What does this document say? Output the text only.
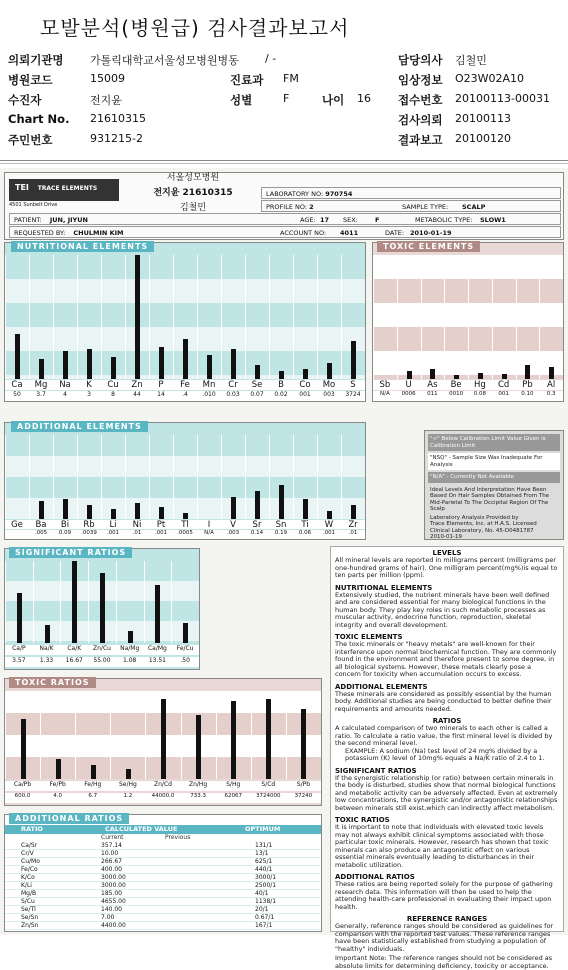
모발분석(병원급) 검사결과보고서
의뢰기관명 가톨릭대학교서울성모병원병동 / -	담당의사 김철민
병원코드	15009	진료과 FM	임상정보 O23W02A10
수진자	전지윤	성별	F	나이 16 접수번호 20100113-00031
Chart No. 21610315	검사의뢰 20100113
주민번호	931215-2	결과보고 20100120
TEI TRACE ELEMENTS
4501 Sunbelt Drive
서울성모병원
전지윤 21610315
김철민
LABORATORY NO: 970754
PROFILE NO: 2	SAMPLE TYPE: SCALP
PATIENT: JUN, JIYUN	AGE: 17 SEX:	F	METABOLIC TYPE: SLOW1
REQUESTED BY: CHULMIN KIM	ACCOUNT NO: 4011	DATE: 2010-01-19
NUTRITIONAL ELEMENTS
Ca	Mg	Na	K	Cu	Zn	P	Fe	Mn	Cr	Se	B	Co	Mo	S
50	3.7	4	3	8	44	14	.4	.010	0.03	0.07	0.02	001	003	3724
TOXIC ELEMENTS
Sb	U	As	Be	Hg	Cd	Pb	Al
N/A	0006	011	0010	0.08	001	0.10	0.3
ADDITIONAL ELEMENTS
Ge	Ba	Bi	Rb	Li	Ni	Pt	Tl	I	V	Sr	Sn	Ti	W	Zr
.005	0.09	.0039	.001	.01	.001	.0005	N/A	.003	0.14	0.19	0.06	.001	.01
"<" Below Calibration Limit Value Given is Calibration Limit
"NSQ" - Sample Size Was Inadequate For Analysis
"N/A" - Currently Not Available
Ideal Levels And Interpretation Have Been Based On Hair Samples Obtained From The Mid-Parietal To The Occipital Region Of The Scalp
Laboratory Analysis Provided by
Trace Elements, Inc. at H.A.S. Licensed Clinical Laboratory, No. 45-D0481787
2010-01-19
SIGNIFICANT RATIOS
Ca/P	Na/K	Ca/K	Zn/Cu	Na/Mg	Ca/Mg	Fe/Cu
3.57	1.33	16.67	55.00	1.08	13.51	.50
TOXIC RATIOS
Ca/Pb	Fe/Pb	Fe/Hg	Se/Hg	Zn/Cd	Zn/Hg	S/Hg	S/Cd	S/Pb
600.0	4.0	6.7	1.2	44000.0	733.3	62067	3724000	37240
ADDITIONAL RATIOS
RATIO	CALCULATED VALUE	OPTIMUM
Current	Previous
Ca/Sr	357.14	131/1
Cr/V	10.00	13/1
Cu/Mo	266.67	625/1
Fe/Co	400.00	440/1
K/Co	3000.00	3000/1
K/Li	3000.00	2500/1
Mg/B	185.00	40/1
S/Cu	4655.00	1138/1
Se/Tl	140.00	20/1
Se/Sn	7.00	0.67/1
Zn/Sn	4400.00	167/1
LEVELS
All mineral levels are reported in milligrams percent (milligrams per one-hundred grams of hair). One milligram percent(mg%)is equal to ten parts per million (ppm).
NUTRITIONAL ELEMENTS
Extensively studied, the nutrient minerals have been well defined and are considered essential for many biological functions in the human body. They play key roles in such metabolic processes as muscular activity, endocrine function, reproduction, skeletal integrity and overall development.
TOXIC ELEMENTS
The toxic minerals or "heavy metals" are well-known for their interference upon normal biochemical function. They are commonly found in the environment and therefore present to some degree, in all biological systems. However, these metals clearly pose a concern for toxicity when accumulation occurs to excess.
ADDITIONAL ELEMENTS
These minerals are considered as possibly essential by the human body. Additional studies are being conducted to better define their requirements and amounts needed.
RATIOS
A calculated comparison of two minerals to each other is called a ratio. To calculate a ratio value, the first mineral level is divided by the second mineral level.
EXAMPLE: A sodium (Na) test level of 24 mg% divided by a potassium (K) level of 10mg% equals a Na/K ratio of 2.4 to 1.
SIGNIFICANT RATIOS
If the synergistic relationship (or ratio) between certain minerals in the body is disturbed, studies show that normal biological functions and metabolic activity can be adversely affected. Even at extremely low concentrations, the synergistic and/or antagonistic relationships between minerals still exist,which can indirectly affect metabolism.
TOXIC RATIOS
It is important to note that individuals with elevated toxic levels may not always exhibit clinical symptoms associated with those particular toxic minerals. However, research has shown that toxic minerals can also produce an antagonistic effect on various essential minerals eventually leading to disturbances in their metabolic utilization.
ADDITIONAL RATIOS
These ratios are being reported solely for the purpose of gathering research data. This information will then be used to help the attending health-care professional in evaluating their impact upon health.
REFERENCE RANGES
Generally, reference ranges should be considered as guidelines for comparison with the reported test values. These reference ranges have been statistically established from studying a population of "healthy" individuals.
Important Note: The reference ranges should not be considered as absolute limits for determining deficiency, toxicity or acceptance.
